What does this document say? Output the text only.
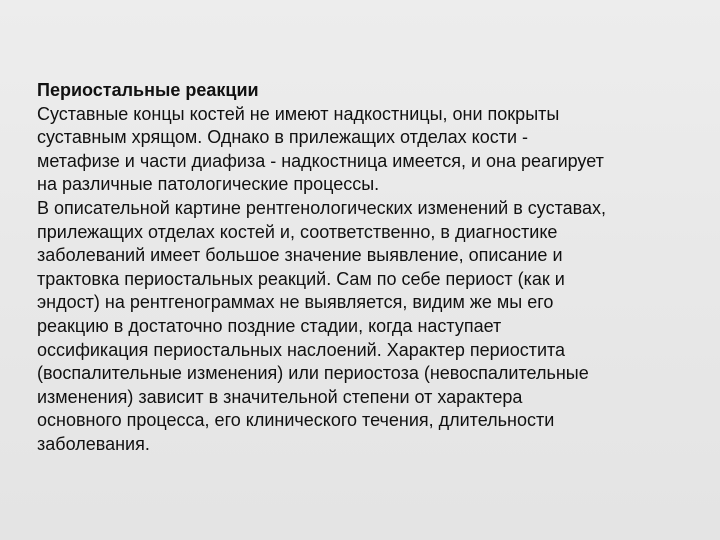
Периостальные реакции
Суставные концы костей не имеют надкостницы, они покрыты
суставным хрящом. Однако в прилежащих отделах кости -
метафизе и части диафиза - надкостница имеется, и она реагирует
на различные патологические процессы.
В описательной картине рентгенологических изменений в суставах,
прилежащих отделах костей и, соответственно, в диагностике
заболеваний имеет большое значение выявление, описание и
трактовка периостальных реакций. Сам по себе периост (как и
эндост) на рентгенограммах не выявляется, видим же мы его
реакцию в достаточно поздние стадии, когда наступает
оссификация периостальных наслоений. Характер периостита
(воспалительные изменения) или периостоза (невоспалительные
изменения) зависит в значительной степени от характера
основного процесса, его клинического течения, длительности
заболевания.
